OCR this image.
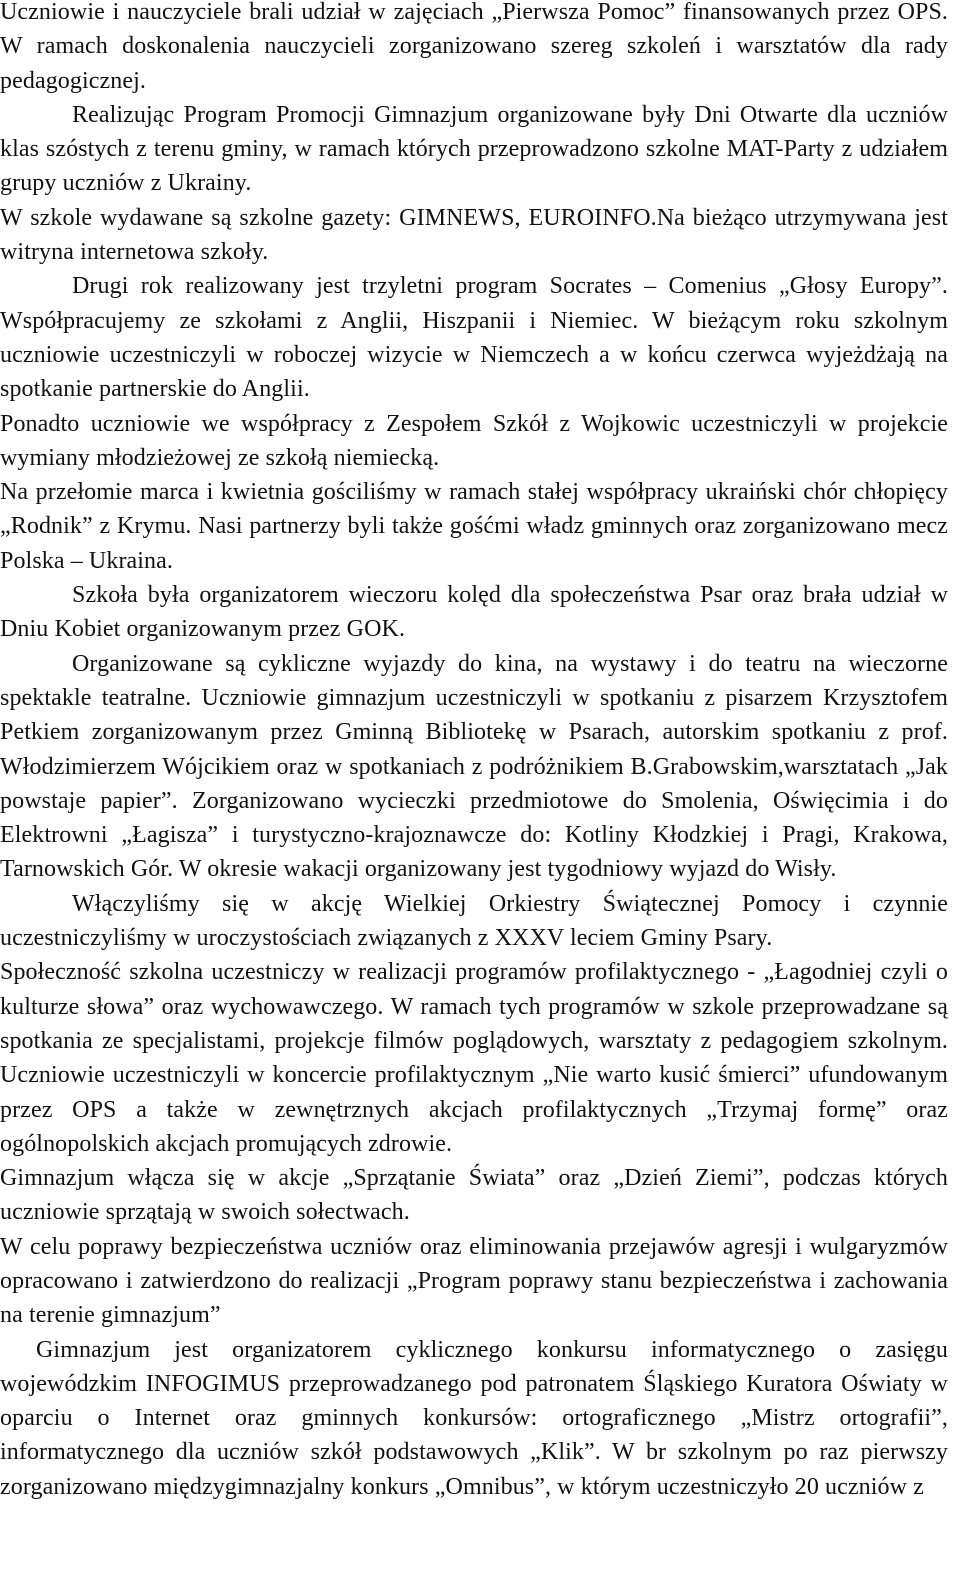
Uczniowie i nauczyciele brali udział w zajęciach „Pierwsza Pomoc” finansowanych przez OPS. W ramach doskonalenia nauczycieli zorganizowano szereg szkoleń i warsztatów dla rady pedagogicznej.

Realizując Program Promocji Gimnazjum organizowane były Dni Otwarte dla uczniów klas szóstych z terenu gminy, w ramach których przeprowadzono szkolne MAT-Party z udziałem grupy uczniów z Ukrainy.

W szkole wydawane są szkolne gazety: GIMNEWS, EUROINFO.Na bieżąco utrzymywana jest witryna internetowa szkoły.

Drugi rok realizowany jest trzyletni program Socrates – Comenius „Głosy Europy”. Współpracujemy ze szkołami z Anglii, Hiszpanii i Niemiec. W bieżącym roku szkolnym uczniowie uczestniczyli w roboczej wizycie w Niemczech a w końcu czerwca wyjeżdżają na spotkanie partnerskie do Anglii.

Ponadto uczniowie we współpracy z Zespołem Szkół z Wojkowic uczestniczyli w projekcie wymiany młodzieżowej ze szkołą niemiecką.

Na przełomie marca i kwietnia gościliśmy w ramach stałej współpracy ukraiński chór chłopięcy „Rodnik” z Krymu. Nasi partnerzy byli także gośćmi władz gminnych oraz zorganizowano mecz Polska – Ukraina.

Szkoła była organizatorem wieczoru kolęd dla społeczeństwa Psar oraz brała udział w Dniu Kobiet organizowanym przez GOK.

Organizowane są cykliczne wyjazdy do kina, na wystawy i do teatru na wieczorne spektakle teatralne. Uczniowie gimnazjum uczestniczyli w spotkaniu z pisarzem Krzysztofem Petkiem zorganizowanym przez Gminną Bibliotekę w Psarach, autorskim spotkaniu z prof. Włodzimierzem Wójcikiem oraz w spotkaniach z podróżnikiem B.Grabowskim,warsztatach „Jak powstaje papier”. Zorganizowano wycieczki przedmiotowe do Smolenia, Oświęcimia i do Elektrowni „Łagisza” i turystyczno-krajoznawcze do: Kotliny Kłodzkiej i Pragi, Krakowa, Tarnowskich Gór. W okresie wakacji organizowany jest tygodniowy wyjazd do Wisły.

Włączyliśmy się w akcję Wielkiej Orkiestry Świątecznej Pomocy i czynnie uczestniczyliśmy w uroczystościach związanych z XXXV leciem Gminy Psary.

Społeczność szkolna uczestniczy w realizacji programów profilaktycznego - „Łagodniej czyli o kulturze słowa” oraz wychowawczego. W ramach tych programów w szkole przeprowadzane są spotkania ze specjalistami, projekcje filmów poglądowych, warsztaty z pedagogiem szkolnym. Uczniowie uczestniczyli w koncercie profilaktycznym „Nie warto kusić śmierci” ufundowanym przez OPS a także w zewnętrznych akcjach profilaktycznych „Trzymaj formę” oraz ogólnopolskich akcjach promujących zdrowie.

Gimnazjum włącza się w akcje „Sprzątanie Świata” oraz „Dzień Ziemi”, podczas których uczniowie sprzątają w swoich sołectwach.

W celu poprawy bezpieczeństwa uczniów oraz eliminowania przejawów agresji i wulgaryzmów opracowano i zatwierdzono do realizacji „Program poprawy stanu bezpieczeństwa i zachowania na terenie gimnazjum”

Gimnazjum jest organizatorem cyklicznego konkursu informatycznego o zasięgu wojewódzkim INFOGIMUS przeprowadzanego pod patronatem Śląskiego Kuratora Oświaty w oparciu o Internet oraz gminnych konkursów: ortograficznego „Mistrz ortografii”, informatycznego dla uczniów szkół podstawowych „Klik”. W br szkolnym po raz pierwszy zorganizowano międzygimnazjalny konkurs „Omnibus”, w którym uczestniczyło 20 uczniów z
